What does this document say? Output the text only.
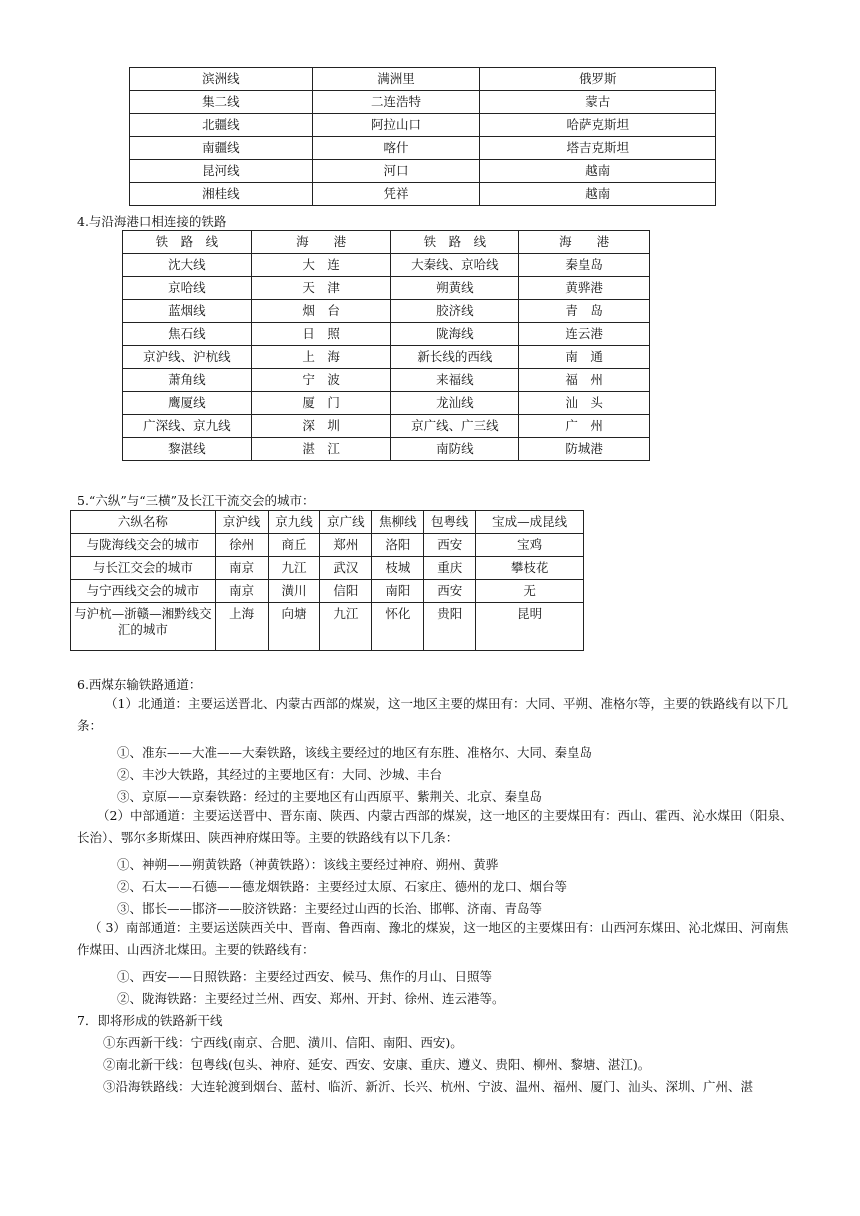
滨洲线	满洲里	俄罗斯
集二线	二连浩特	蒙古
北疆线	阿拉山口	哈萨克斯坦
南疆线	喀什	塔吉克斯坦
昆河线	河口	越南
湘桂线	凭祥	越南
4.与沿海港口相连接的铁路
铁　路　线	海　　港	铁　路　线	海　　港
沈大线	大　连	大秦线、京哈线	秦皇岛
京哈线	天　津	朔黄线	黄骅港
蓝烟线	烟　台	胶济线	青　岛
焦石线	日　照	陇海线	连云港
京沪线、沪杭线	上　海	新长线的西线	南　通
萧角线	宁　波	来福线	福　州
鹰厦线	厦　门	龙汕线	汕　头
广深线、京九线	深　圳	京广线、广三线	广　州
黎湛线	湛　江	南防线	防城港
5.“六纵”与“三横”及长江干流交会的城市：
六纵名称	京沪线	京九线	京广线	焦柳线	包粤线	宝成—成昆线
与陇海线交会的城市	徐州	商丘	郑州	洛阳	西安	宝鸡
与长江交会的城市	南京	九江	武汉	枝城	重庆	攀枝花
与宁西线交会的城市	南京	潢川	信阳	南阳	西安	无
与沪杭—浙赣—湘黔线交汇的城市	上海	向塘	九江	怀化	贵阳	昆明
6.西煤东输铁路通道：
（1）北通道：主要运送晋北、内蒙古西部的煤炭，这一地区主要的煤田有：大同、平朔、准格尔等，主要的铁路线有以下几条：
①、准东——大准——大秦铁路，该线主要经过的地区有东胜、准格尔、大同、秦皇岛
②、丰沙大铁路，其经过的主要地区有：大同、沙城、丰台
③、京原——京秦铁路：经过的主要地区有山西原平、紫荆关、北京、秦皇岛
（2）中部通道：主要运送晋中、晋东南、陕西、内蒙古西部的煤炭，这一地区的主要煤田有：西山、霍西、沁水煤田（阳泉、长治）、鄂尔多斯煤田、陕西神府煤田等。主要的铁路线有以下几条：
①、神朔——朔黄铁路（神黄铁路）：该线主要经过神府、朔州、黄骅
②、石太——石德——德龙烟铁路：主要经过太原、石家庄、德州的龙口、烟台等
③、邯长——邯济——胶济铁路：主要经过山西的长治、邯郸、济南、青岛等
（ 3）南部通道：主要运送陕西关中、晋南、鲁西南、豫北的煤炭，这一地区的主要煤田有：山西河东煤田、沁北煤田、河南焦作煤田、山西济北煤田。主要的铁路线有：
①、西安——日照铁路：主要经过西安、候马、焦作的月山、日照等
②、陇海铁路：主要经过兰州、西安、郑州、开封、徐州、连云港等。
7．即将形成的铁路新干线
①东西新干线：宁西线(南京、合肥、潢川、信阳、南阳、西安)。
②南北新干线：包粤线(包头、神府、延安、西安、安康、重庆、遵义、贵阳、柳州、黎塘、湛江)。
③沿海铁路线：大连轮渡到烟台、蓝村、临沂、新沂、长兴、杭州、宁波、温州、福州、厦门、汕头、深圳、广州、湛
